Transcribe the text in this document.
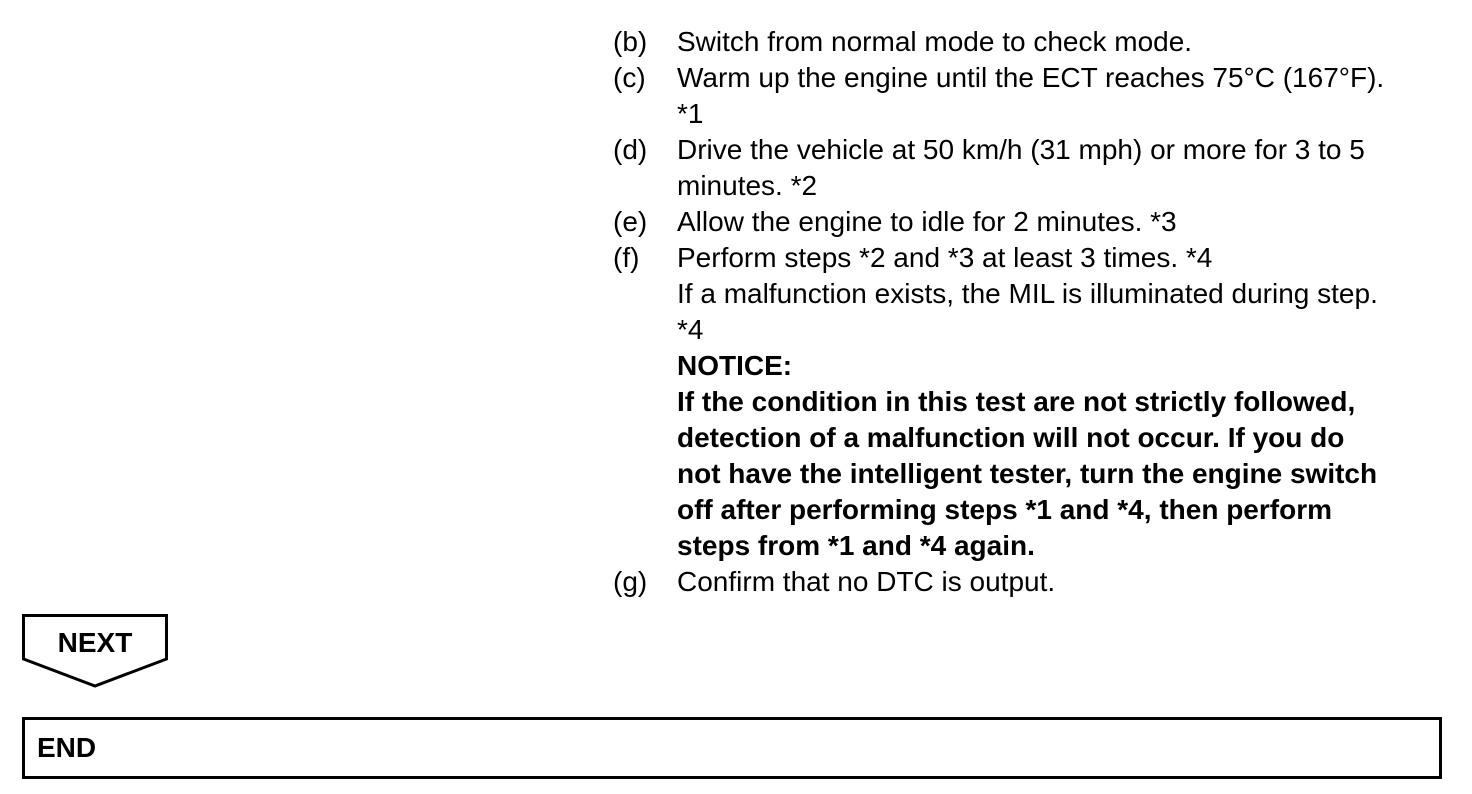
(b)	Switch from normal mode to check mode.
(c)	Warm up the engine until the ECT reaches 75°C (167°F).
*1
(d)	Drive the vehicle at 50 km/h (31 mph) or more for 3 to 5
minutes. *2
(e)	Allow the engine to idle for 2 minutes. *3
(f)	Perform steps *2 and *3 at least 3 times. *4
If a malfunction exists, the MIL is illuminated during step.
*4
NOTICE:
If the condition in this test are not strictly followed,
detection of a malfunction will not occur. If you do
not have the intelligent tester, turn the engine switch
off after performing steps *1 and *4, then perform
steps from *1 and *4 again.
(g)	Confirm that no DTC is output.
NEXT
END
